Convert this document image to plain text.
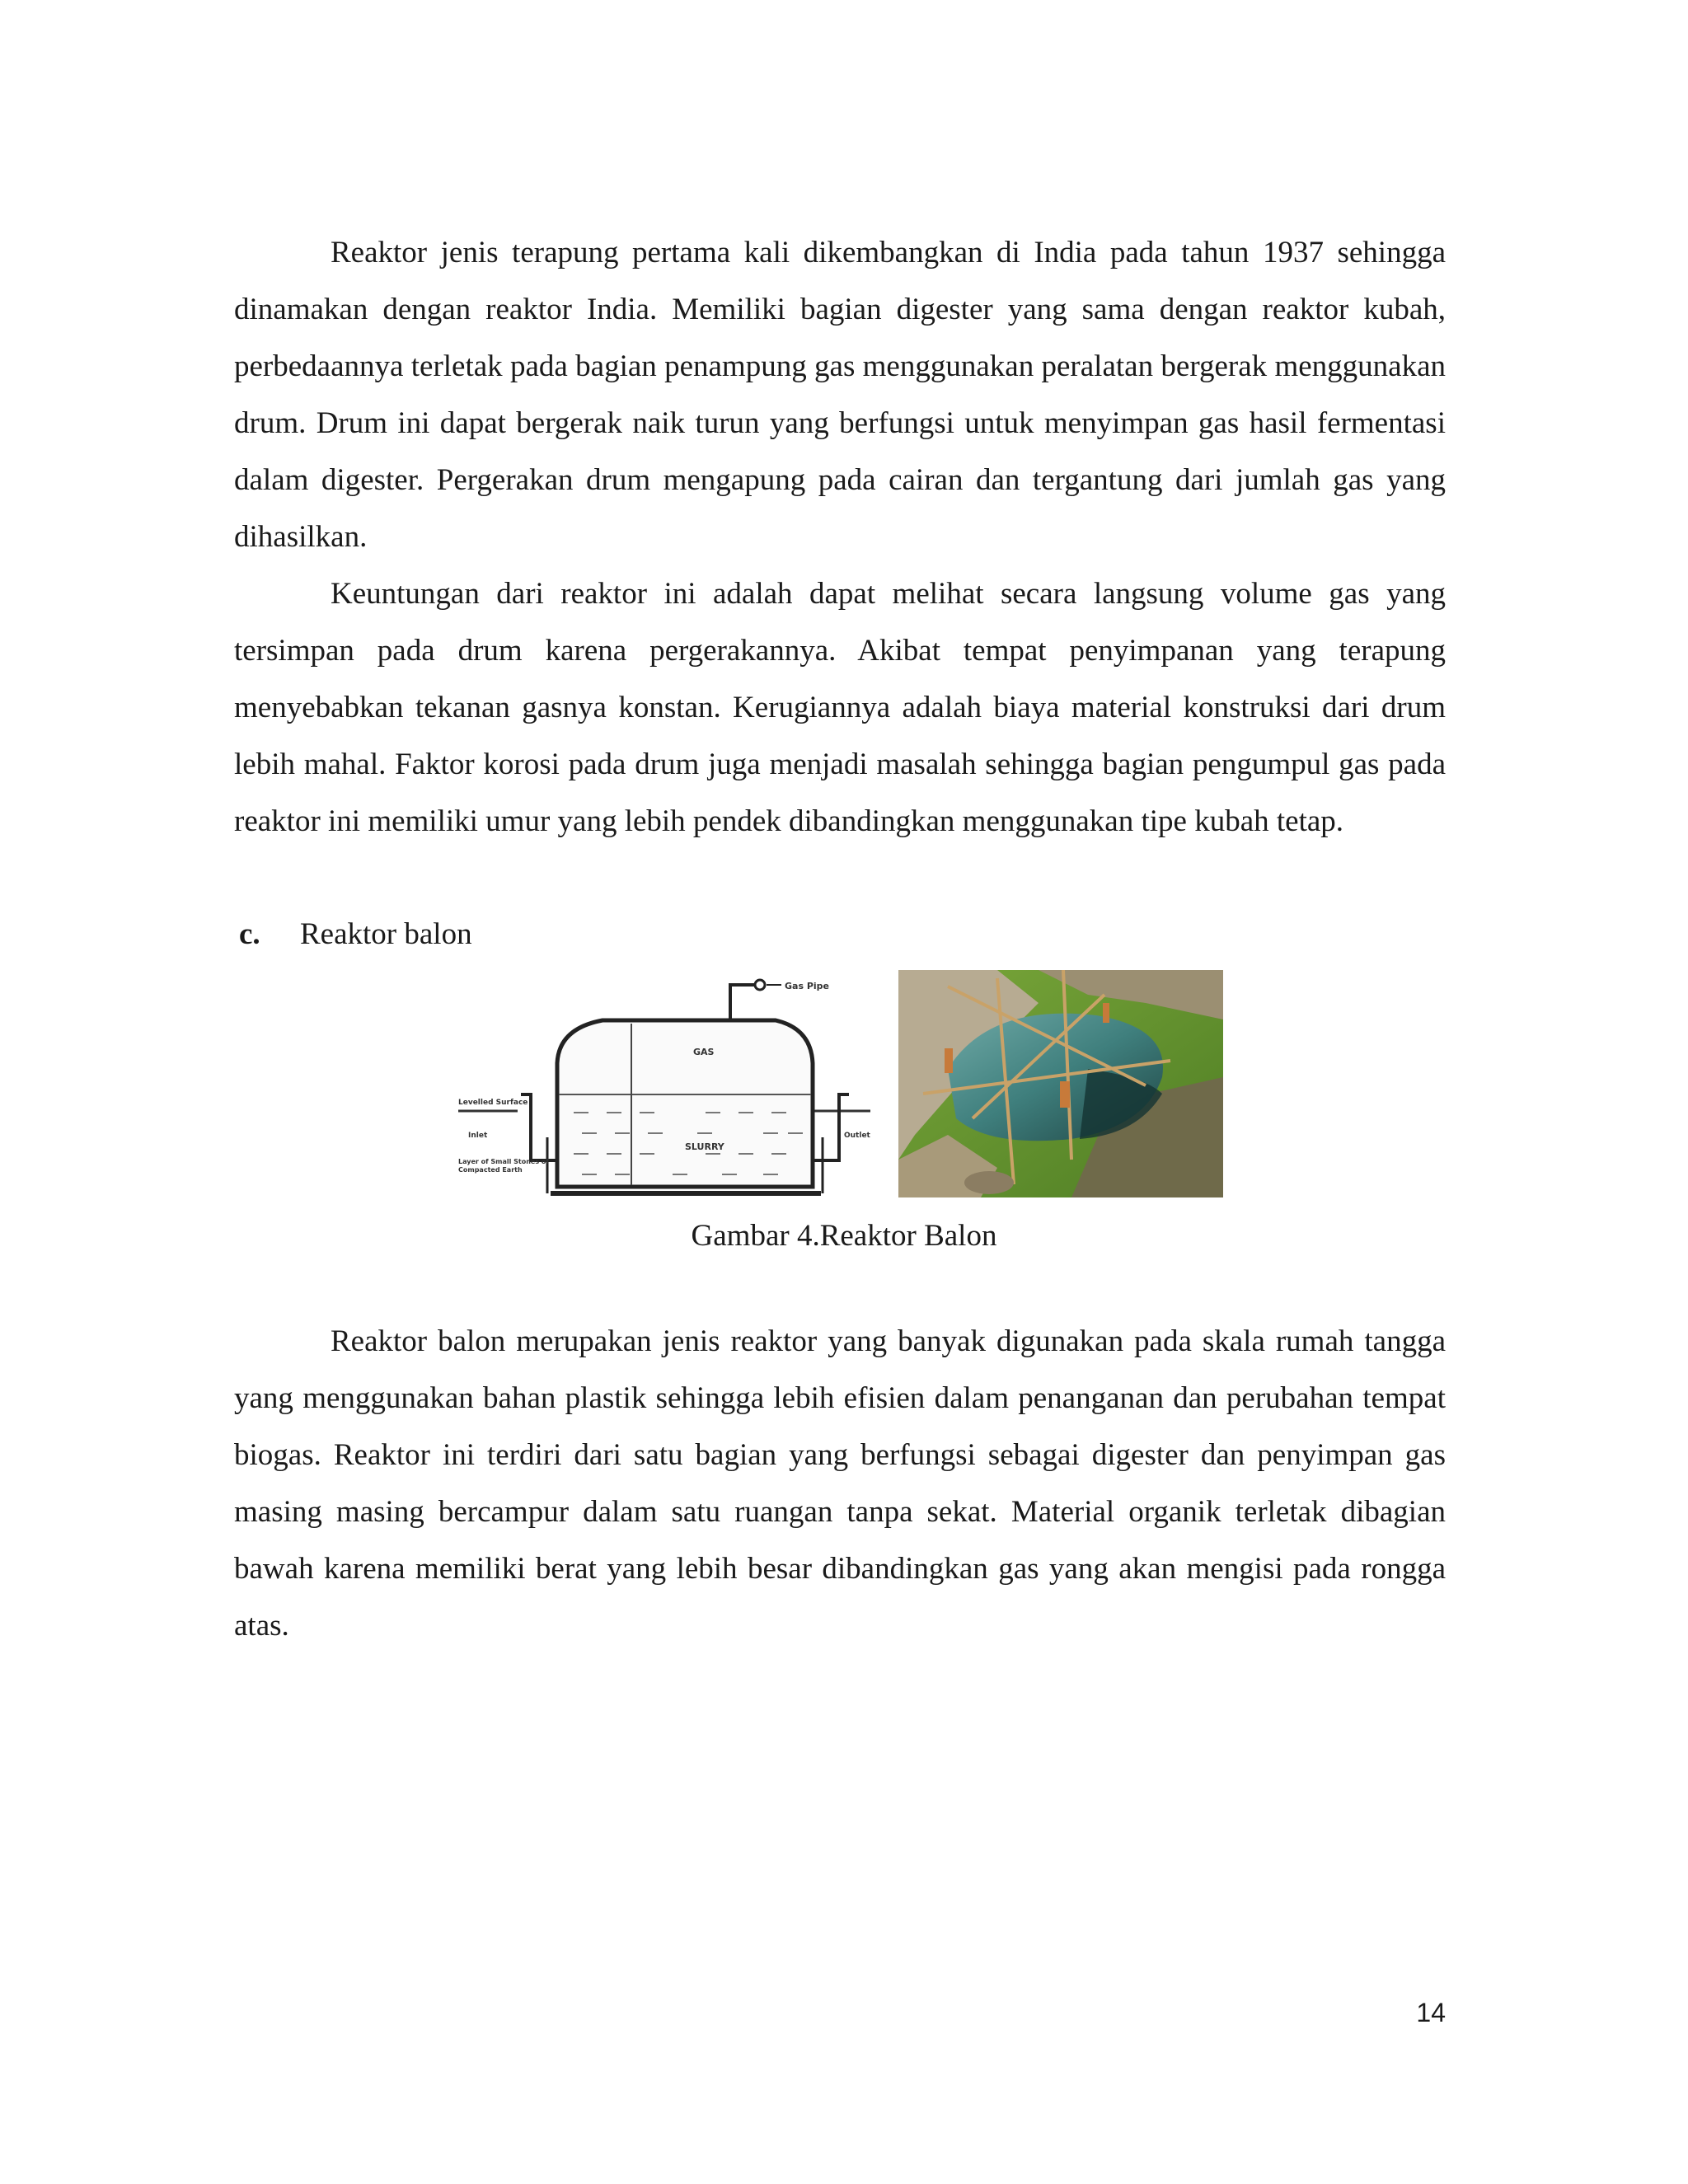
Reaktor jenis terapung pertama kali dikembangkan di India pada tahun 1937 sehingga dinamakan dengan reaktor India. Memiliki bagian digester yang sama dengan reaktor kubah, perbedaannya terletak pada bagian penampung gas menggunakan peralatan bergerak menggunakan drum. Drum ini dapat bergerak naik turun yang berfungsi untuk menyimpan gas hasil fermentasi dalam digester. Pergerakan drum mengapung pada cairan dan tergantung dari jumlah gas yang dihasilkan.

Keuntungan dari reaktor ini adalah dapat melihat secara langsung volume gas yang tersimpan pada drum karena pergerakannya. Akibat tempat penyimpanan yang terapung menyebabkan tekanan gasnya konstan. Kerugiannya adalah biaya material konstruksi dari drum lebih mahal. Faktor korosi pada drum juga menjadi masalah sehingga bagian pengumpul gas pada reaktor ini memiliki umur yang lebih pendek dibandingkan menggunakan tipe kubah tetap.

c. Reaktor balon
Gas Pipe
GAS
SLURRY
Levelled Surface
Inlet	Outlet
Layer of Small Stones of Compacted Earth
Gambar 4.Reaktor Balon

Reaktor balon merupakan jenis reaktor yang banyak digunakan pada skala rumah tangga yang menggunakan bahan plastik sehingga lebih efisien dalam penanganan dan perubahan tempat biogas. Reaktor ini terdiri dari satu bagian yang berfungsi sebagai digester dan penyimpan gas masing masing bercampur dalam satu ruangan tanpa sekat. Material organik terletak dibagian bawah karena memiliki berat yang lebih besar dibandingkan gas yang akan mengisi pada rongga atas.

14
